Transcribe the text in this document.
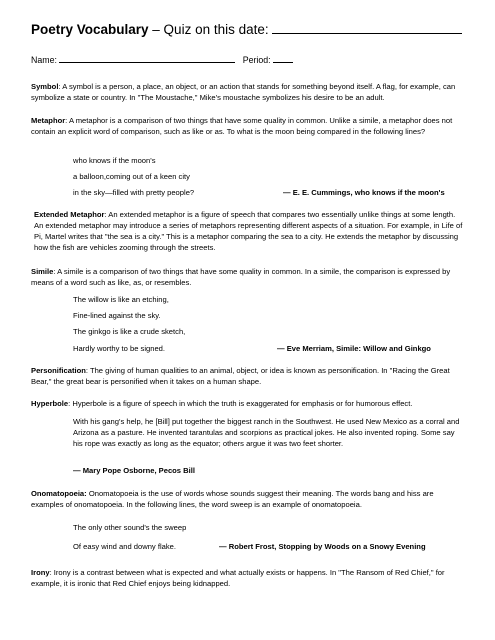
Poetry Vocabulary – Quiz on this date:
Name:	Period:
Symbol: A symbol is a person, a place, an object, or an action that stands for something beyond itself. A flag, for example, can symbolize a state or country. In "The Moustache," Mike's moustache symbolizes his desire to be an adult.
Metaphor: A metaphor is a comparison of two things that have some quality in common. Unlike a simile, a metaphor does not contain an explicit word of comparison, such as like or as. To what is the moon being compared in the following lines?
who knows if the moon's
a balloon,coming out of a keen city
in the sky—filled with pretty people?	— E. E. Cummings, who knows if the moon's
Extended Metaphor: An extended metaphor is a figure of speech that compares two essentially unlike things at some length. An extended metaphor may introduce a series of metaphors representing different aspects of a situation. For example, in Life of Pi, Martel writes that "the sea is a city." This is a metaphor comparing the sea to a city. He extends the metaphor by discussing how the fish are vehicles zooming through the streets.
Simile: A simile is a comparison of two things that have some quality in common. In a simile, the comparison is expressed by means of a word such as like, as, or resembles.
The willow is like an etching,
Fine-lined against the sky.
The ginkgo is like a crude sketch,
Hardly worthy to be signed.	— Eve Merriam, Simile: Willow and Ginkgo
Personification: The giving of human qualities to an animal, object, or idea is known as personification. In "Racing the Great Bear," the great bear is personified when it takes on a human shape.
Hyperbole: Hyperbole is a figure of speech in which the truth is exaggerated for emphasis or for humorous effect.
With his gang's help, he [Bill] put together the biggest ranch in the Southwest. He used New Mexico as a corral and Arizona as a pasture. He invented tarantulas and scorpions as practical jokes. He also invented roping. Some say his rope was exactly as long as the equator; others argue it was two feet shorter.
— Mary Pope Osborne, Pecos Bill
Onomatopoeia: Onomatopoeia is the use of words whose sounds suggest their meaning. The words bang and hiss are examples of onomatopoeia. In the following lines, the word sweep is an example of onomatopoeia.
The only other sound's the sweep
Of easy wind and downy flake.	— Robert Frost, Stopping by Woods on a Snowy Evening
Irony: Irony is a contrast between what is expected and what actually exists or happens. In "The Ransom of Red Chief," for example, it is ironic that Red Chief enjoys being kidnapped.
